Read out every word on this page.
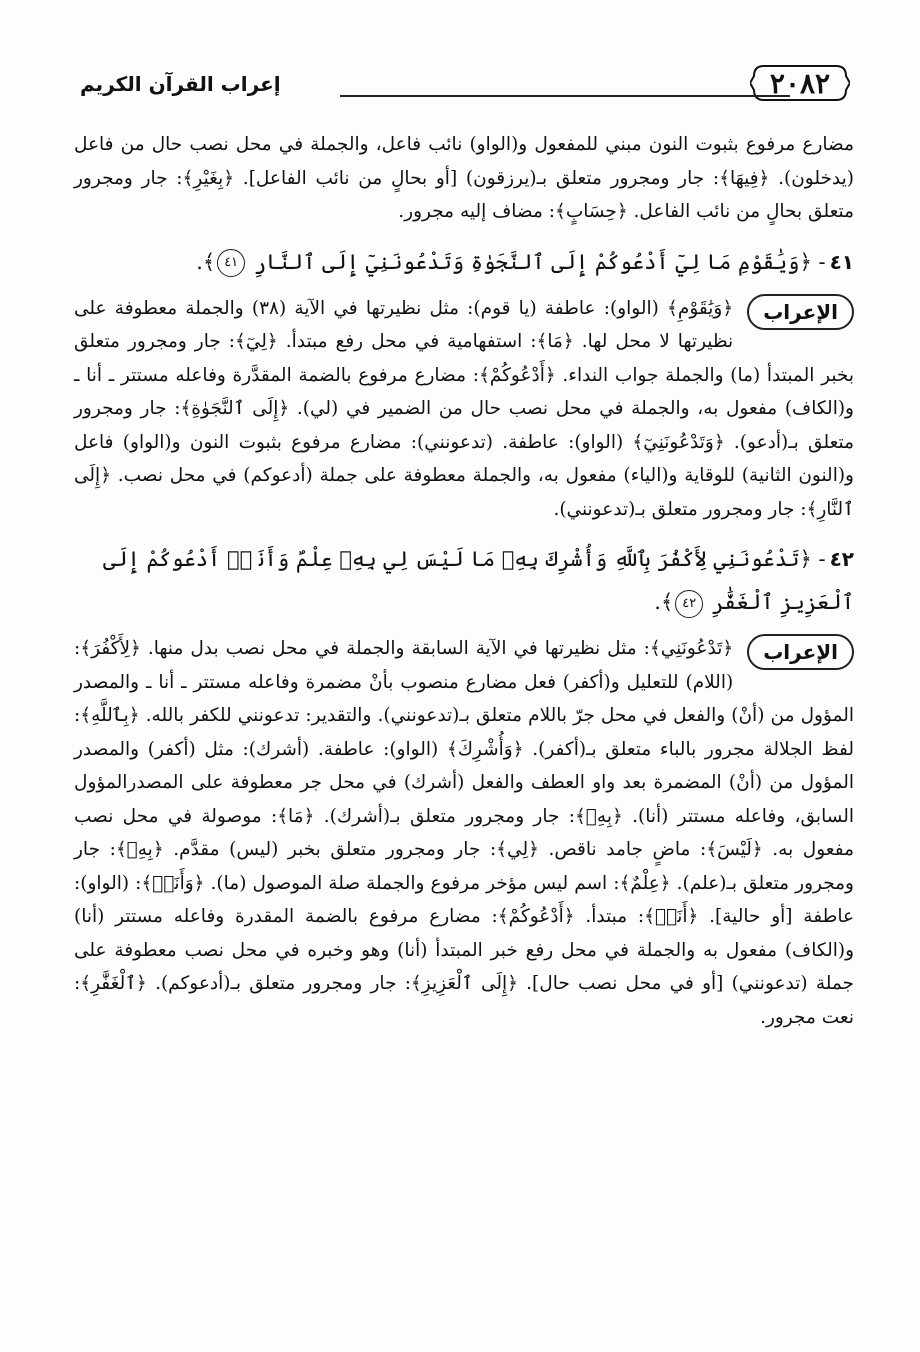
٢٠٨٢
إعراب القرآن الكريم

مضارع مرفوع بثبوت النون مبني للمفعول و(الواو) نائب فاعل، والجملة في محل نصب حال من فاعل (يدخلون). ﴿فِيهَا﴾: جار ومجرور متعلق بـ(يرزقون) [أو بحالٍ من نائب الفاعل]. ﴿بِغَيْرِ﴾: جار ومجرور متعلق بحالٍ من نائب الفاعل. ﴿حِسَابٍ﴾: مضاف إليه مجرور.

٤١- ﴿وَيَٰقَوْمِ مَا لِيٓ أَدْعُوكُمْ إِلَى ٱلنَّجَوٰةِ وَتَدْعُونَنِيٓ إِلَى ٱلنَّارِ ٤١﴾.

الإعراب

﴿وَيَٰقَوْمِ﴾ (الواو): عاطفة (يا قوم): مثل نظيرتها في الآية (٣٨) والجملة معطوفة على نظيرتها لا محل لها. ﴿مَا﴾: استفهامية في محل رفع مبتدأ. ﴿لِيٓ﴾: جار ومجرور متعلق بخبر المبتدأ (ما) والجملة جواب النداء. ﴿أَدْعُوكُمْ﴾: مضارع مرفوع بالضمة المقدَّرة وفاعله مستتر ـ أنا ـ و(الكاف) مفعول به، والجملة في محل نصب حال من الضمير في (لي). ﴿إِلَى ٱلنَّجَوٰةِ﴾: جار ومجرور متعلق بـ(أدعو). ﴿وَتَدْعُونَنِيٓ﴾ (الواو): عاطفة. (تدعونني): مضارع مرفوع بثبوت النون و(الواو) فاعل و(النون الثانية) للوقاية و(الياء) مفعول به، والجملة معطوفة على جملة (أدعوكم) في محل نصب. ﴿إِلَى ٱلنَّارِ﴾: جار ومجرور متعلق بـ(تدعونني).

٤٢- ﴿تَدْعُونَنِي لِأَكْفُرَ بِٱللَّهِ وَأُشْرِكَ بِهِۦ مَا لَيْسَ لِي بِهِۦ عِلْمٌ وَأَنَا۠ أَدْعُوكُمْ إِلَى ٱلْعَزِيزِ ٱلْغَفَّٰرِ ٤٢﴾.

الإعراب

﴿تَدْعُونَنِي﴾: مثل نظيرتها في الآية السابقة والجملة في محل نصب بدل منها. ﴿لِأَكْفُرَ﴾: (اللام) للتعليل و(أكفر) فعل مضارع منصوب بأنْ مضمرة وفاعله مستتر ـ أنا ـ والمصدر المؤول من (أنْ) والفعل في محل جرّ باللام متعلق بـ(تدعونني). والتقدير: تدعونني للكفر بالله. ﴿بِٱللَّهِ﴾: لفظ الجلالة مجرور بالباء متعلق بـ(أكفر). ﴿وَأُشْرِكَ﴾ (الواو): عاطفة. (أشرك): مثل (أكفر) والمصدر المؤول من (أنْ) المضمرة بعد واو العطف والفعل (أشرك) في محل جر معطوفة على المصدرالمؤول السابق، وفاعله مستتر (أنا). ﴿بِهِۦ﴾: جار ومجرور متعلق بـ(أشرك). ﴿مَا﴾: موصولة في محل نصب مفعول به. ﴿لَيْسَ﴾: ماضٍ جامد ناقص. ﴿لِي﴾: جار ومجرور متعلق بخبر (ليس) مقدَّم. ﴿بِهِۦ﴾: جار ومجرور متعلق بـ(علم). ﴿عِلْمٌ﴾: اسم ليس مؤخر مرفوع والجملة صلة الموصول (ما). ﴿وَأَنَا۠﴾: (الواو): عاطفة [أو حالية]. ﴿أَنَا۠﴾: مبتدأ. ﴿أَدْعُوكُمْ﴾: مضارع مرفوع بالضمة المقدرة وفاعله مستتر (أنا) و(الكاف) مفعول به والجملة في محل رفع خبر المبتدأ (أنا) وهو وخبره في محل نصب معطوفة على جملة (تدعونني) [أو في محل نصب حال]. ﴿إِلَى ٱلْعَزِيزِ﴾: جار ومجرور متعلق بـ(أدعوكم). ﴿ٱلْغَفَّٰرِ﴾: نعت مجرور.
